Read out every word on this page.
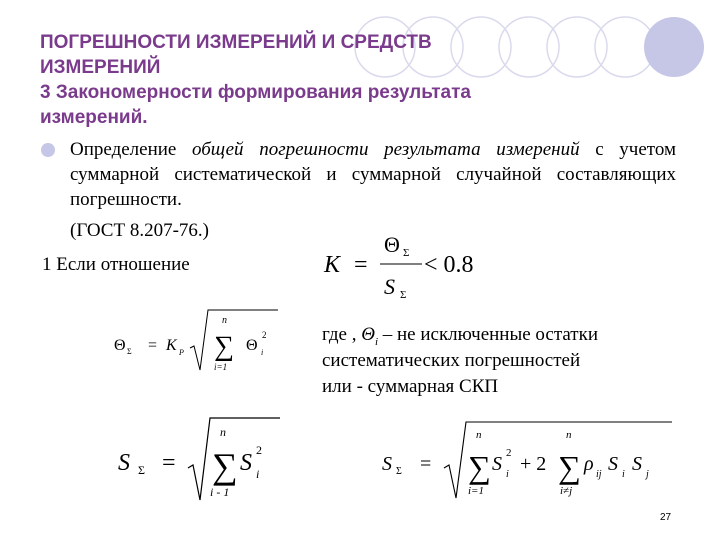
ПОГРЕШНОСТИ ИЗМЕРЕНИЙ И СРЕДСТВ
ИЗМЕРЕНИЙ
3 Закономерности формирования результата
измерений.
Определение общей погрешности результата измерений с учетом суммарной систематической и суммарной случайной составляющих погрешности.
(ГОСТ 8.207-76.)
1 Если отношение	K =
Θ Σ
S Σ
< 0.8
Θ Σ = K P
n
∑
i=1
Θ i
2	где , $\Theta_i$ – не исключенные остатки
систематических погрешностей
или - суммарная СКП
S Σ =
n
∑
i - 1
S i
2
S Σ =
n
∑
i=1
S i
2 + 2
n
∑
i≠j
ρ ij S i S j
27
